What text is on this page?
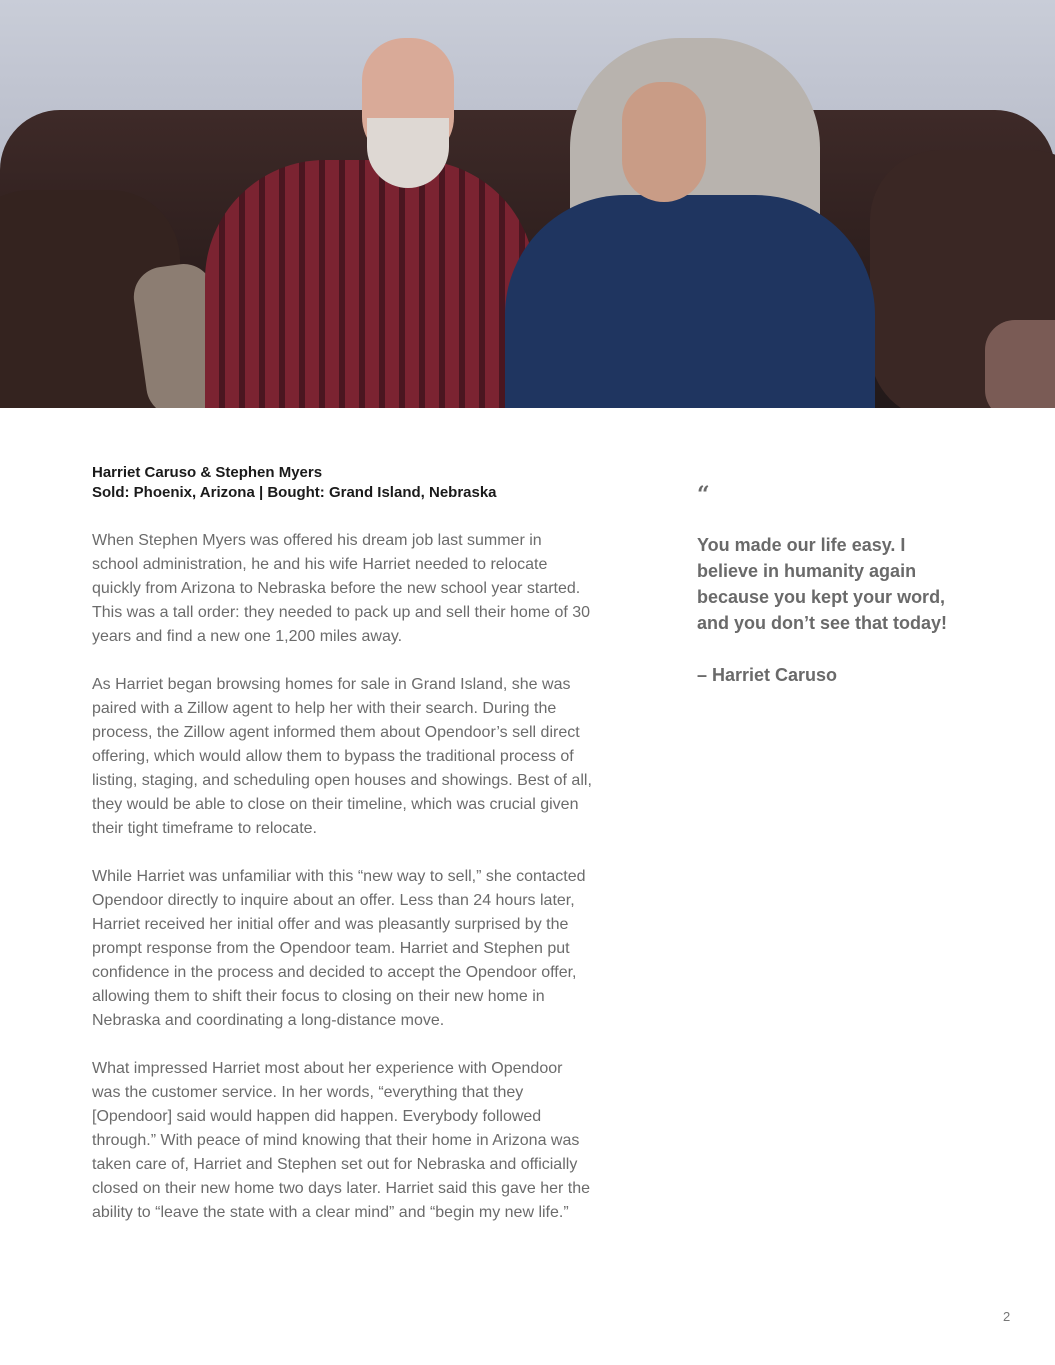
Harriet Caruso & Stephen Myers
Sold: Phoenix, Arizona | Bought: Grand Island, Nebraska

When Stephen Myers was offered his dream job last summer in school administration, he and his wife Harriet needed to relocate quickly from Arizona to Nebraska before the new school year started. This was a tall order: they needed to pack up and sell their home of 30 years and find a new one 1,200 miles away.

As Harriet began browsing homes for sale in Grand Island, she was paired with a Zillow agent to help her with their search. During the process, the Zillow agent informed them about Opendoor’s sell direct offering, which would allow them to bypass the traditional process of listing, staging, and scheduling open houses and showings. Best of all, they would be able to close on their timeline, which was crucial given their tight timeframe to relocate.

While Harriet was unfamiliar with this “new way to sell,” she contacted Opendoor directly to inquire about an offer. Less than 24 hours later, Harriet received her initial offer and was pleasantly surprised by the prompt response from the Opendoor team. Harriet and Stephen put confidence in the process and decided to accept the Opendoor offer, allowing them to shift their focus to closing on their new home in Nebraska and coordinating a long-distance move.

What impressed Harriet most about her experience with Opendoor was the customer service. In her words, “everything that they [Opendoor] said would happen did happen. Everybody followed through.” With peace of mind knowing that their home in Arizona was taken care of, Harriet and Stephen set out for Nebraska and officially closed on their new home two days later. Harriet said this gave her the ability to “leave the state with a clear mind” and “begin my new life.”

“
You made our life easy. I believe in humanity again because you kept your word, and you don’t see that today!
– Harriet Caruso
2
